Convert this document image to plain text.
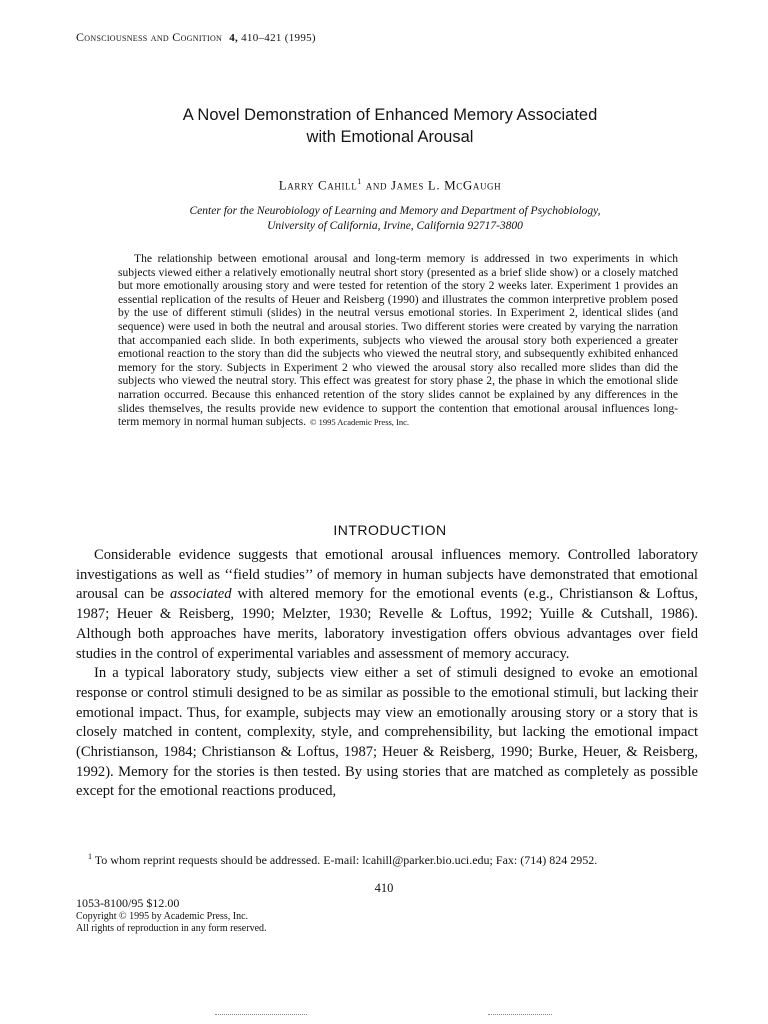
Consciousness and Cognition 4, 410–421 (1995)
A Novel Demonstration of Enhanced Memory Associated
with Emotional Arousal
Larry Cahill$^1$ and James L. McGaugh
Center for the Neurobiology of Learning and Memory and Department of Psychobiology,
University of California, Irvine, California 92717-3800
The relationship between emotional arousal and long-term memory is addressed in two experiments in which subjects viewed either a relatively emotionally neutral short story (presented as a brief slide show) or a closely matched but more emotionally arousing story and were tested for retention of the story 2 weeks later. Experiment 1 provides an essential replication of the results of Heuer and Reisberg (1990) and illustrates the common interpretive problem posed by the use of different stimuli (slides) in the neutral versus emotional stories. In Experiment 2, identical slides (and sequence) were used in both the neutral and arousal stories. Two different stories were created by varying the narration that accompanied each slide. In both experiments, subjects who viewed the arousal story both experienced a greater emotional reaction to the story than did the subjects who viewed the neutral story, and subsequently exhibited enhanced memory for the story. Subjects in Experiment 2 who viewed the arousal story also recalled more slides than did the subjects who viewed the neutral story. This effect was greatest for story phase 2, the phase in which the emotional slide narration occurred. Because this enhanced retention of the story slides cannot be explained by any differences in the slides themselves, the results provide new evidence to support the contention that emotional arousal influences long-term memory in normal human subjects. © 1995 Academic Press, Inc.
INTRODUCTION

Considerable evidence suggests that emotional arousal influences memory. Controlled laboratory investigations as well as ‘‘field studies’’ of memory in human subjects have demonstrated that emotional arousal can be associated with altered memory for the emotional events (e.g., Christianson & Loftus, 1987; Heuer & Reisberg, 1990; Melzter, 1930; Revelle & Loftus, 1992; Yuille & Cutshall, 1986). Although both approaches have merits, laboratory investigation offers obvious advantages over field studies in the control of experimental variables and assessment of memory accuracy.

In a typical laboratory study, subjects view either a set of stimuli designed to evoke an emotional response or control stimuli designed to be as similar as possible to the emotional stimuli, but lacking their emotional impact. Thus, for example, subjects may view an emotionally arousing story or a story that is closely matched in content, complexity, style, and comprehensibility, but lacking the emotional impact (Christianson, 1984; Christianson & Loftus, 1987; Heuer & Reisberg, 1990; Burke, Heuer, & Reisberg, 1992). Memory for the stories is then tested. By using stories that are matched as completely as possible except for the emotional reactions produced,

$^1$ To whom reprint requests should be addressed. E-mail: lcahill@parker.bio.uci.edu; Fax: (714) 824 2952.
410
1053-8100/95 $12.00
Copyright © 1995 by Academic Press, Inc.
All rights of reproduction in any form reserved.
